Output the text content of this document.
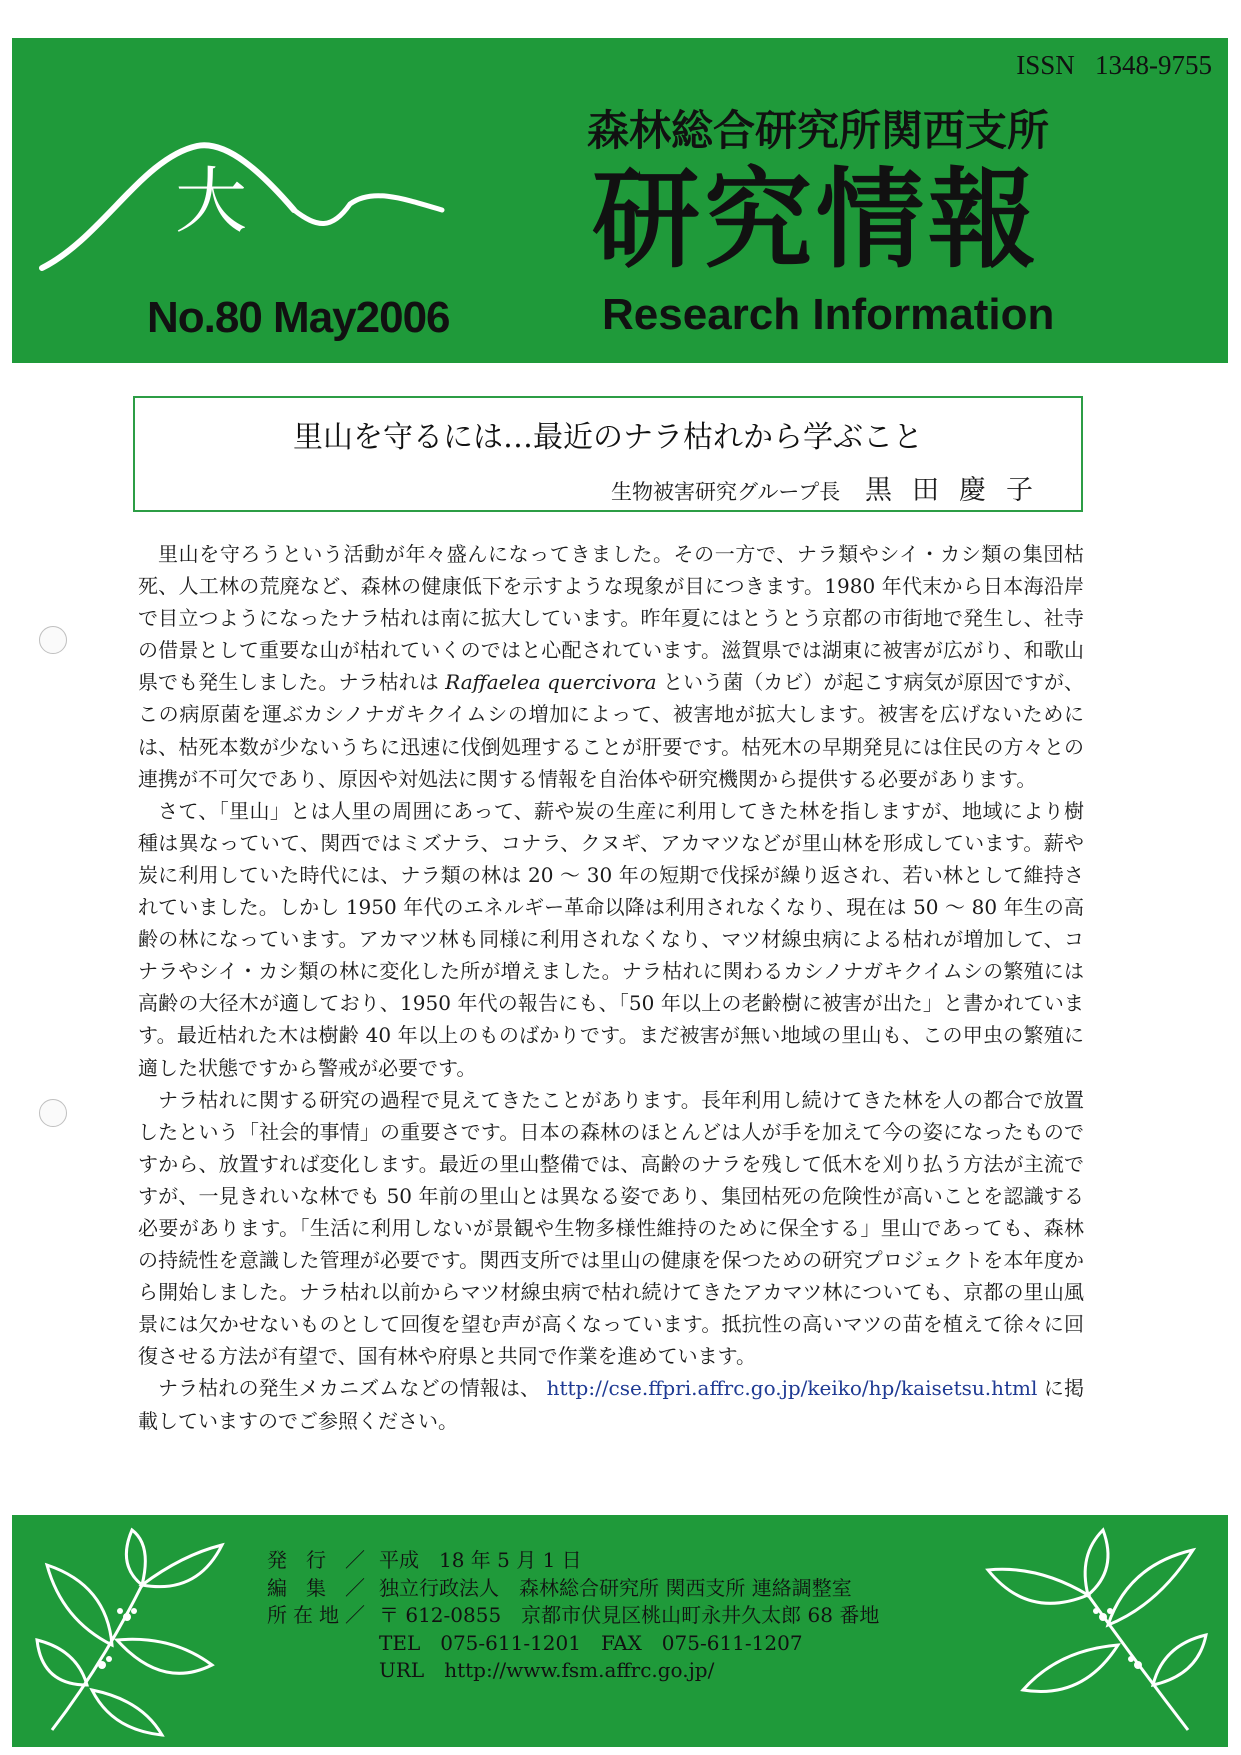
ISSN 1348-9755
大
No.80 May2006
森林総合研究所関西支所
研究情報
Research Information
里山を守るには…最近のナラ枯れから学ぶこと
生物被害研究グループ長 黒田慶子

里山を守ろうという活動が年々盛んになってきました。その一方で、ナラ類やシイ・カシ類の集団枯死、人工林の荒廃など、森林の健康低下を示すような現象が目につきます。1980 年代末から日本海沿岸で目立つようになったナラ枯れは南に拡大しています。昨年夏にはとうとう京都の市街地で発生し、社寺の借景として重要な山が枯れていくのではと心配されています。滋賀県では湖東に被害が広がり、和歌山県でも発生しました。ナラ枯れは Raffaelea quercivora という菌（カビ）が起こす病気が原因ですが、この病原菌を運ぶカシノナガキクイムシの増加によって、被害地が拡大します。被害を広げないためには、枯死本数が少ないうちに迅速に伐倒処理することが肝要です。枯死木の早期発見には住民の方々との連携が不可欠であり、原因や対処法に関する情報を自治体や研究機関から提供する必要があります。

さて、「里山」とは人里の周囲にあって、薪や炭の生産に利用してきた林を指しますが、地域により樹種は異なっていて、関西ではミズナラ、コナラ、クヌギ、アカマツなどが里山林を形成しています。薪や炭に利用していた時代には、ナラ類の林は 20 ～ 30 年の短期で伐採が繰り返され、若い林として維持されていました。しかし 1950 年代のエネルギー革命以降は利用されなくなり、現在は 50 ～ 80 年生の高齢の林になっています。アカマツ林も同様に利用されなくなり、マツ材線虫病による枯れが増加して、コナラやシイ・カシ類の林に変化した所が増えました。ナラ枯れに関わるカシノナガキクイムシの繁殖には高齢の大径木が適しており、1950 年代の報告にも、「50 年以上の老齢樹に被害が出た」と書かれています。最近枯れた木は樹齢 40 年以上のものばかりです。まだ被害が無い地域の里山も、この甲虫の繁殖に適した状態ですから警戒が必要です。

ナラ枯れに関する研究の過程で見えてきたことがあります。長年利用し続けてきた林を人の都合で放置したという「社会的事情」の重要さです。日本の森林のほとんどは人が手を加えて今の姿になったものですから、放置すれば変化します。最近の里山整備では、高齢のナラを残して低木を刈り払う方法が主流ですが、一見きれいな林でも 50 年前の里山とは異なる姿であり、集団枯死の危険性が高いことを認識する必要があります。「生活に利用しないが景観や生物多様性維持のために保全する」里山であっても、森林の持続性を意識した管理が必要です。関西支所では里山の健康を保つための研究プロジェクトを本年度から開始しました。ナラ枯れ以前からマツ材線虫病で枯れ続けてきたアカマツ林についても、京都の里山風景には欠かせないものとして回復を望む声が高くなっています。抵抗性の高いマツの苗を植えて徐々に回復させる方法が有望で、国有林や府県と共同で作業を進めています。

ナラ枯れの発生メカニズムなどの情報は、 http://cse.ffpri.affrc.go.jp/keiko/hp/kaisetsu.html に掲載していますのでご参照ください。

発行／平成　18 年 5 月 1 日
編集／独立行政法人　森林総合研究所 関西支所 連絡調整室
所在地／ 〒 612-0855　京都市伏見区桃山町永井久太郎 68 番地
TEL　075-611-1201　FAX　075-611-1207
URL　http://www.fsm.affrc.go.jp/
